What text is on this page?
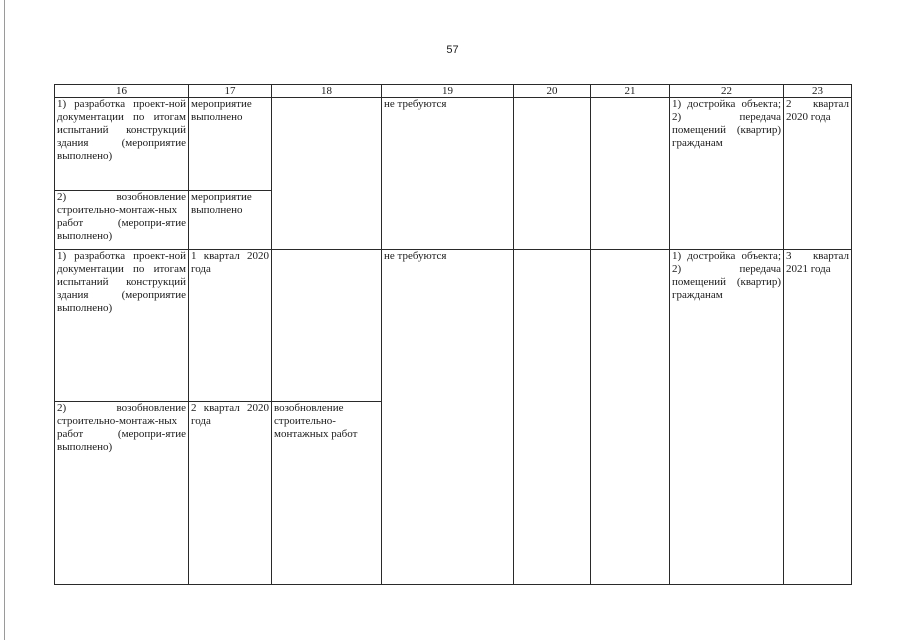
57
16	17	18	19	20	21	22	23
1) разработка проект-ной документации по итогам испытаний конструкций здания (мероприятие выполнено)	мероприятие выполнено		не требуются			1) достройка объекта; 2) передача помещений (квартир) гражданам	2 квартал 2020 года
2) возобновление строительно-монтаж-ных работ (меропри-ятие выполнено)	мероприятие выполнено						
1) разработка проект-ной документации по итогам испытаний конструкций здания (мероприятие выполнено)	1 квартал 2020 года		не требуются			1) достройка объекта; 2) передача помещений (квартир) гражданам	3 квартал 2021 года
2) возобновление строительно-монтаж-ных работ (меропри-ятие выполнено)	2 квартал 2020 года	возобновление строительно-монтажных работ					
